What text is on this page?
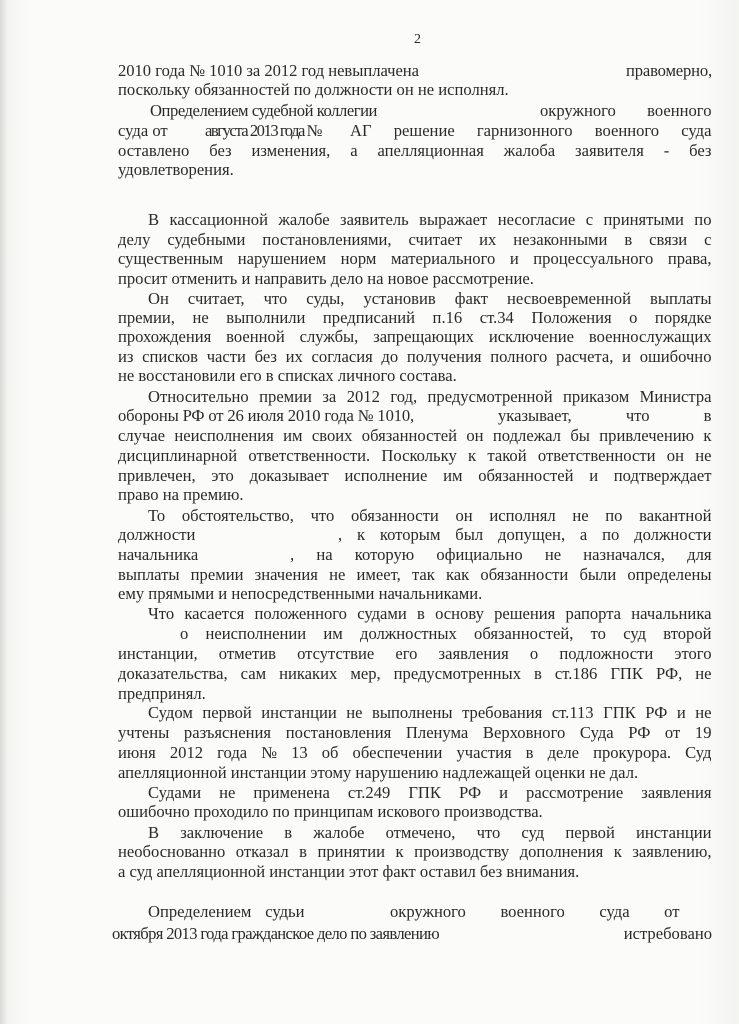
2
2010 года № 1010 за 2012 год невыплачена	правомерно,
поскольку обязанностей по должности он не исполнял.
Определением судебной коллегии	окружного военного
суда от	августа 2013 года № АГ решение гарнизонного военного суда
оставлено без изменения, а апелляционная жалоба заявителя - без
удовлетворения.
В кассационной жалобе заявитель выражает несогласие с принятыми по
делу судебными постановлениями, считает их незаконными в связи с
существенным нарушением норм материального и процессуального права,
просит отменить и направить дело на новое рассмотрение.
Он считает, что суды, установив факт несвоевременной выплаты
премии, не выполнили предписаний п.16 ст.34 Положения о порядке
прохождения военной службы, запрещающих исключение военнослужащих
из списков части без их согласия до получения полного расчета, и ошибочно
не восстановили его в списках личного состава.
Относительно премии за 2012 год, предусмотренной приказом Министра
обороны РФ от 26 июля 2010 года № 1010,	указывает, что в
случае неисполнения им своих обязанностей он подлежал бы привлечению к
дисциплинарной ответственности. Поскольку к такой ответственности он не
привлечен, это доказывает исполнение им обязанностей и подтверждает
право на премию.
То обстоятельство, что обязанности он исполнял не по вакантной
должности	, к которым был допущен, а по должности
начальника	, на которую официально не назначался, для
выплаты премии значения не имеет, так как обязанности были определены
ему прямыми и непосредственными начальниками.
Что касается положенного судами в основу решения рапорта начальника
о неисполнении им должностных обязанностей, то суд второй
инстанции, отметив отсутствие его заявления о подложности этого
доказательства, сам никаких мер, предусмотренных в ст.186 ГПК РФ, не
предпринял.
Судом первой инстанции не выполнены требования ст.113 ГПК РФ и не
учтены разъяснения постановления Пленума Верховного Суда РФ от 19
июня 2012 года № 13 об обеспечении участия в деле прокурора. Суд
апелляционной инстанции этому нарушению надлежащей оценки не дал.
Судами не применена ст.249 ГПК РФ и рассмотрение заявления
ошибочно проходило по принципам искового производства.
В заключение в жалобе отмечено, что суд первой инстанции
необоснованно отказал в принятии к производству дополнения к заявлению,
а суд апелляционной инстанции этот факт оставил без внимания.
Определением судьи	окружного военного суда от
октября 2013 года гражданское дело по заявлению	истребовано
